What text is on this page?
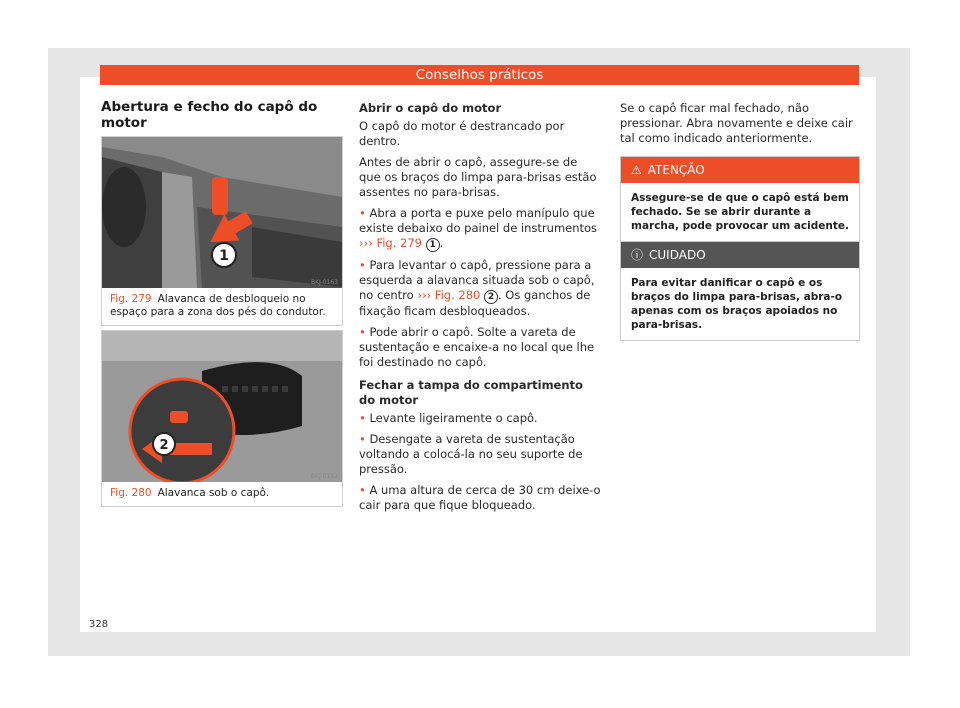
Conselhos práticos
Abertura e fecho do capô do motor
1
BKJ-0163
Fig. 279 Alavanca de desbloqueio no espaço para a zona dos pés do condutor.
2
BKJ-0162
Fig. 280 Alavanca sob o capô.

Abrir o capô do motor

O capô do motor é destrancado por dentro.

Antes de abrir o capô, assegure-se de que os braços do limpa para-brisas estão assentes no para-brisas.

• Abra a porta e puxe pelo manípulo que existe debaixo do painel de instrumentos
››› Fig. 279 1 .

• Para levantar o capô, pressione para a esquerda a alavanca situada sob o capô, no centro ››› Fig. 280 2 . Os ganchos de fixação ficam desbloqueados.

• Pode abrir o capô. Solte a vareta de sustentação e encaixe-a no local que lhe foi destinado no capô.

Fechar a tampa do compartimento do motor

• Levante ligeiramente o capô.

• Desengate a vareta de sustentação voltando a colocá-la no seu suporte de pressão.

• A uma altura de cerca de 30 cm deixe-o cair para que fique bloqueado.

Se o capô ficar mal fechado, não pressionar. Abra novamente e deixe cair tal como indicado anteriormente.

⚠ ATENÇÃO
Assegure-se de que o capô está bem fechado. Se se abrir durante a marcha, pode provocar um acidente.
ⓘ CUIDADO
Para evitar danificar o capô e os braços do limpa para-brisas, abra-o apenas com os braços apoiados no para-brisas.
328
